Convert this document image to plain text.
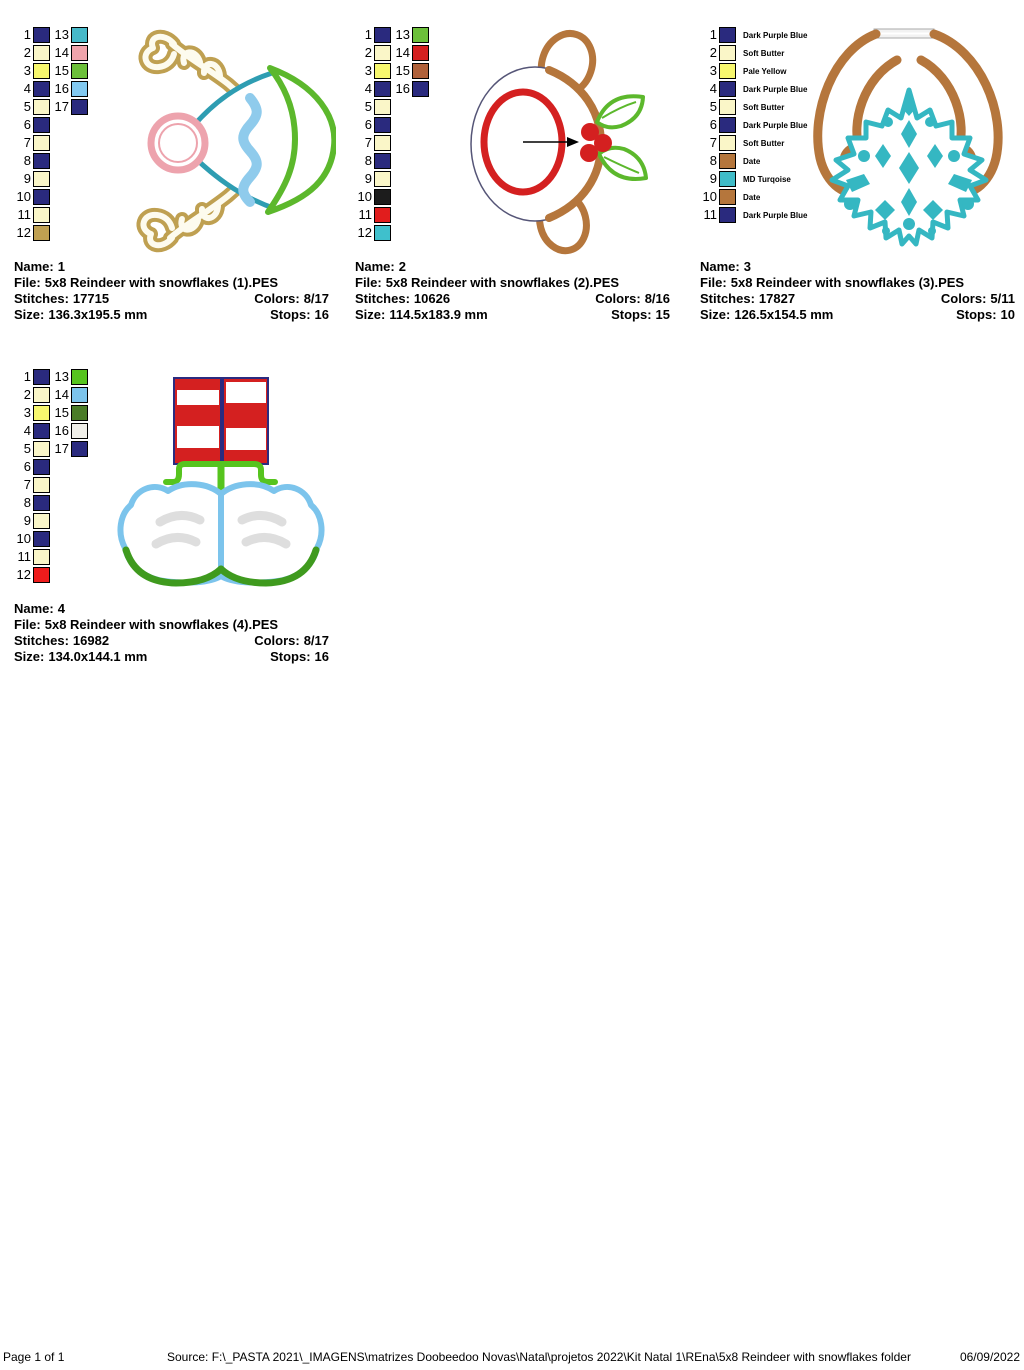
1 13
2 14
3 15
4 16
5 17
6
7
8
9
10
11
12
Name: 1
File: 5x8 Reindeer with snowflakes (1).PES
Stitches: 17715	Colors: 8/17
Size: 136.3x195.5 mm	Stops: 16
1 13
2 14
3 15
4 16
5
6
7
8
9
10
11
12
Name: 2
File: 5x8 Reindeer with snowflakes (2).PES
Stitches: 10626	Colors: 8/16
Size: 114.5x183.9 mm	Stops: 15
1	Dark Purple Blue
2	Soft Butter
3	Pale Yellow
4	Dark Purple Blue
5	Soft Butter
6	Dark Purple Blue
7	Soft Butter
8	Date
9	MD Turqoise
10	Date
11	Dark Purple Blue
Name: 3
File: 5x8 Reindeer with snowflakes (3).PES
Stitches: 17827	Colors: 5/11
Size: 126.5x154.5 mm	Stops: 10
1 13
2 14
3 15
4 16
5 17
6
7
8
9
10
11
12
Name: 4
File: 5x8 Reindeer with snowflakes (4).PES
Stitches: 16982	Colors: 8/17
Size: 134.0x144.1 mm	Stops: 16
Page 1 of 1	Source: F:\_PASTA 2021\_IMAGENS\matrizes Doobeedoo Novas\Natal\projetos 2022\Kit Natal 1\REna\5x8 Reindeer with snowflakes folder	06/09/2022
